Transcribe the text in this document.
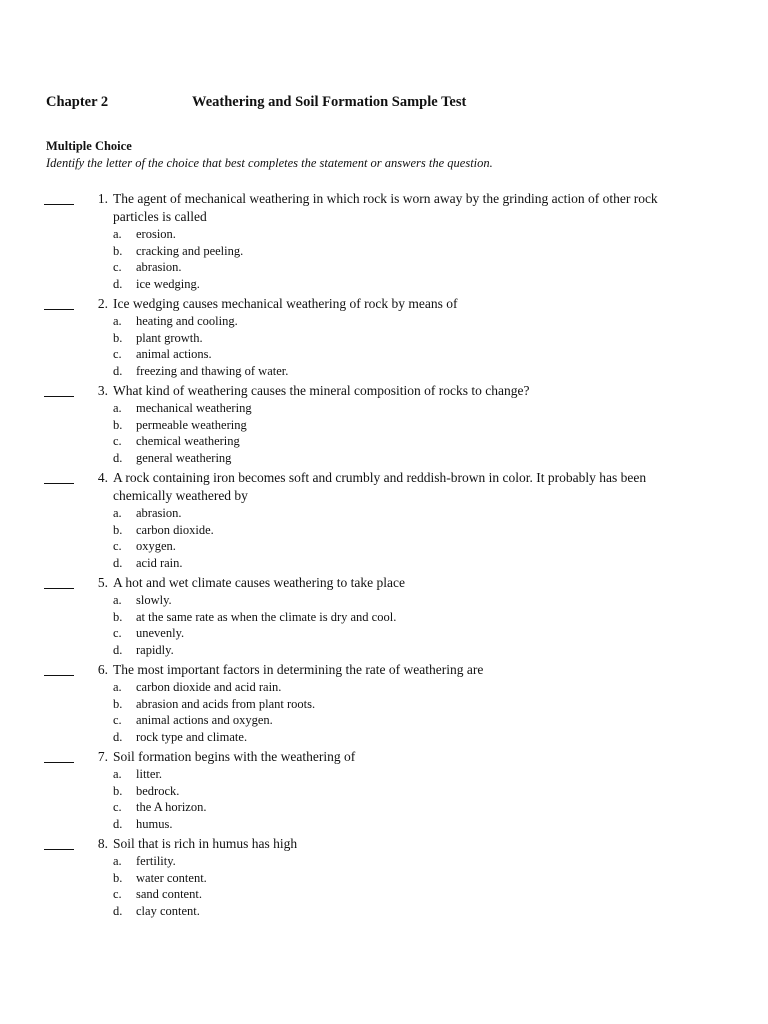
Chapter 2	Weathering and Soil Formation Sample Test
Multiple Choice
Identify the letter of the choice that best completes the statement or answers the question.
1. The agent of mechanical weathering in which rock is worn away by the grinding action of other rock particles is called
a.	erosion.
b.	cracking and peeling.
c.	abrasion.
d.	ice wedging.
2. Ice wedging causes mechanical weathering of rock by means of
a.	heating and cooling.
b.	plant growth.
c.	animal actions.
d.	freezing and thawing of water.
3. What kind of weathering causes the mineral composition of rocks to change?
a.	mechanical weathering
b.	permeable weathering
c.	chemical weathering
d.	general weathering
4. A rock containing iron becomes soft and crumbly and reddish-brown in color. It probably has been chemically weathered by
a.	abrasion.
b.	carbon dioxide.
c.	oxygen.
d.	acid rain.
5. A hot and wet climate causes weathering to take place
a.	slowly.
b.	at the same rate as when the climate is dry and cool.
c.	unevenly.
d.	rapidly.
6. The most important factors in determining the rate of weathering are
a.	carbon dioxide and acid rain.
b.	abrasion and acids from plant roots.
c.	animal actions and oxygen.
d.	rock type and climate.
7. Soil formation begins with the weathering of
a.	litter.
b.	bedrock.
c.	the A horizon.
d.	humus.
8. Soil that is rich in humus has high
a.	fertility.
b.	water content.
c.	sand content.
d.	clay content.
